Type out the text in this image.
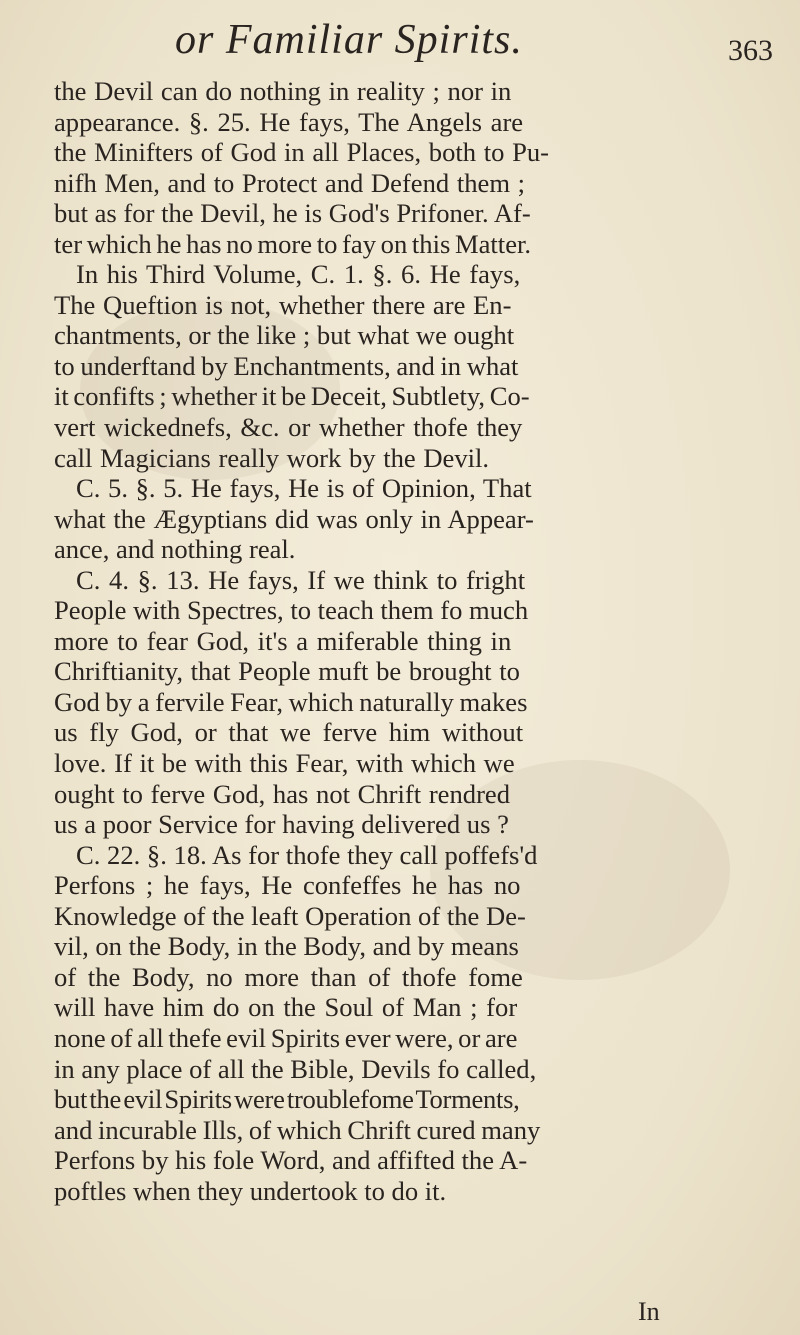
or Familiar Spirits.	363
the Devil can do nothing in reality ; nor in
appearance. §. 25. He fays, The Angels are
the Minifters of God in all Places, both to Pu-
nifh Men, and to Protect and Defend them ;
but as for the Devil, he is God's Prifoner. Af-
ter which he has no more to fay on this Matter.
In his Third Volume, C. 1. §. 6. He fays,
The Queftion is not, whether there are En-
chantments, or the like ; but what we ought
to underftand by Enchantments, and in what
it confifts ; whether it be Deceit, Subtlety, Co-
vert wickednefs, &c. or whether thofe they
call Magicians really work by the Devil.
C. 5. §. 5. He fays, He is of Opinion, That
what the Ægyptians did was only in Appear-
ance, and nothing real.
C. 4. §. 13. He fays, If we think to fright
People with Spectres, to teach them fo much
more to fear God, it's a miferable thing in
Chriftianity, that People muft be brought to
God by a fervile Fear, which naturally makes
us fly God, or that we ferve him without
love. If it be with this Fear, with which we
ought to ferve God, has not Chrift rendred
us a poor Service for having delivered us ?
C. 22. §. 18. As for thofe they call poffefs'd
Perfons ; he fays, He confeffes he has no
Knowledge of the leaft Operation of the De-
vil, on the Body, in the Body, and by means
of the Body, no more than of thofe fome
will have him do on the Soul of Man ; for
none of all thefe evil Spirits ever were, or are
in any place of all the Bible, Devils fo called,
but the evil Spirits were troublefome Torments,
and incurable Ills, of which Chrift cured many
Perfons by his fole Word, and affifted the A-
poftles when they undertook to do it.
In
